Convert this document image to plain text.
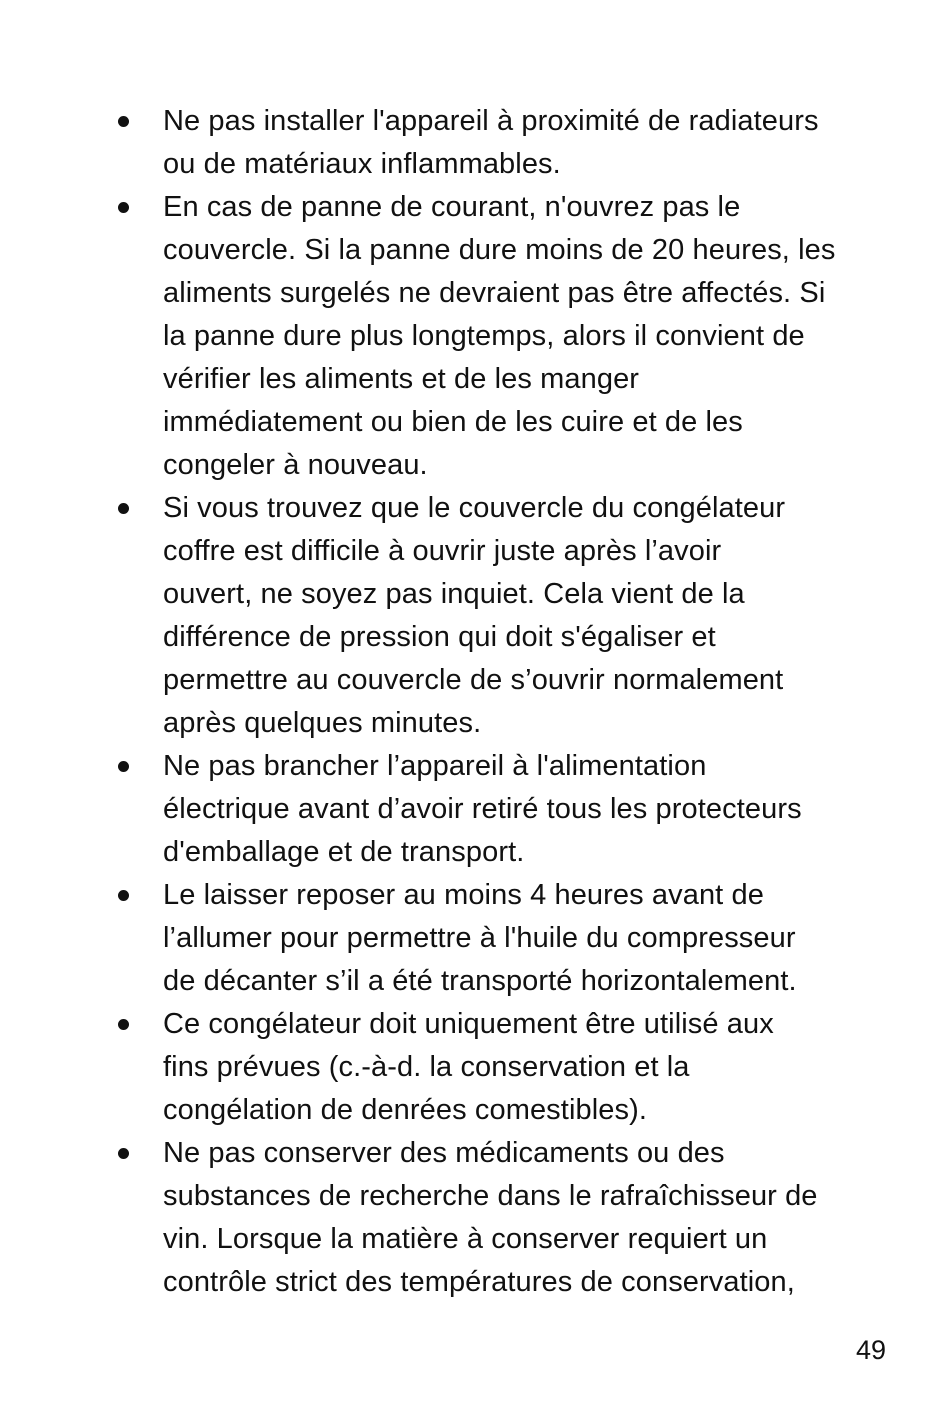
Ne pas installer l'appareil à proximité de radiateurs
ou de matériaux inflammables.
En cas de panne de courant, n'ouvrez pas le
couvercle. Si la panne dure moins de 20 heures, les
aliments surgelés ne devraient pas être affectés. Si
la panne dure plus longtemps, alors il convient de
vérifier les aliments et de les manger
immédiatement ou bien de les cuire et de les
congeler à nouveau.
Si vous trouvez que le couvercle du congélateur
coffre est difficile à ouvrir juste après l’avoir
ouvert, ne soyez pas inquiet. Cela vient de la
différence de pression qui doit s'égaliser et
permettre au couvercle de s’ouvrir normalement
après quelques minutes.
Ne pas brancher l’appareil à l'alimentation
électrique avant d’avoir retiré tous les protecteurs
d'emballage et de transport.
Le laisser reposer au moins 4 heures avant de
l’allumer pour permettre à l'huile du compresseur
de décanter s’il a été transporté horizontalement.
Ce congélateur doit uniquement être utilisé aux
fins prévues (c.-à-d. la conservation et la
congélation de denrées comestibles).
Ne pas conserver des médicaments ou des
substances de recherche dans le rafraîchisseur de
vin. Lorsque la matière à conserver requiert un
contrôle strict des températures de conservation,
49
